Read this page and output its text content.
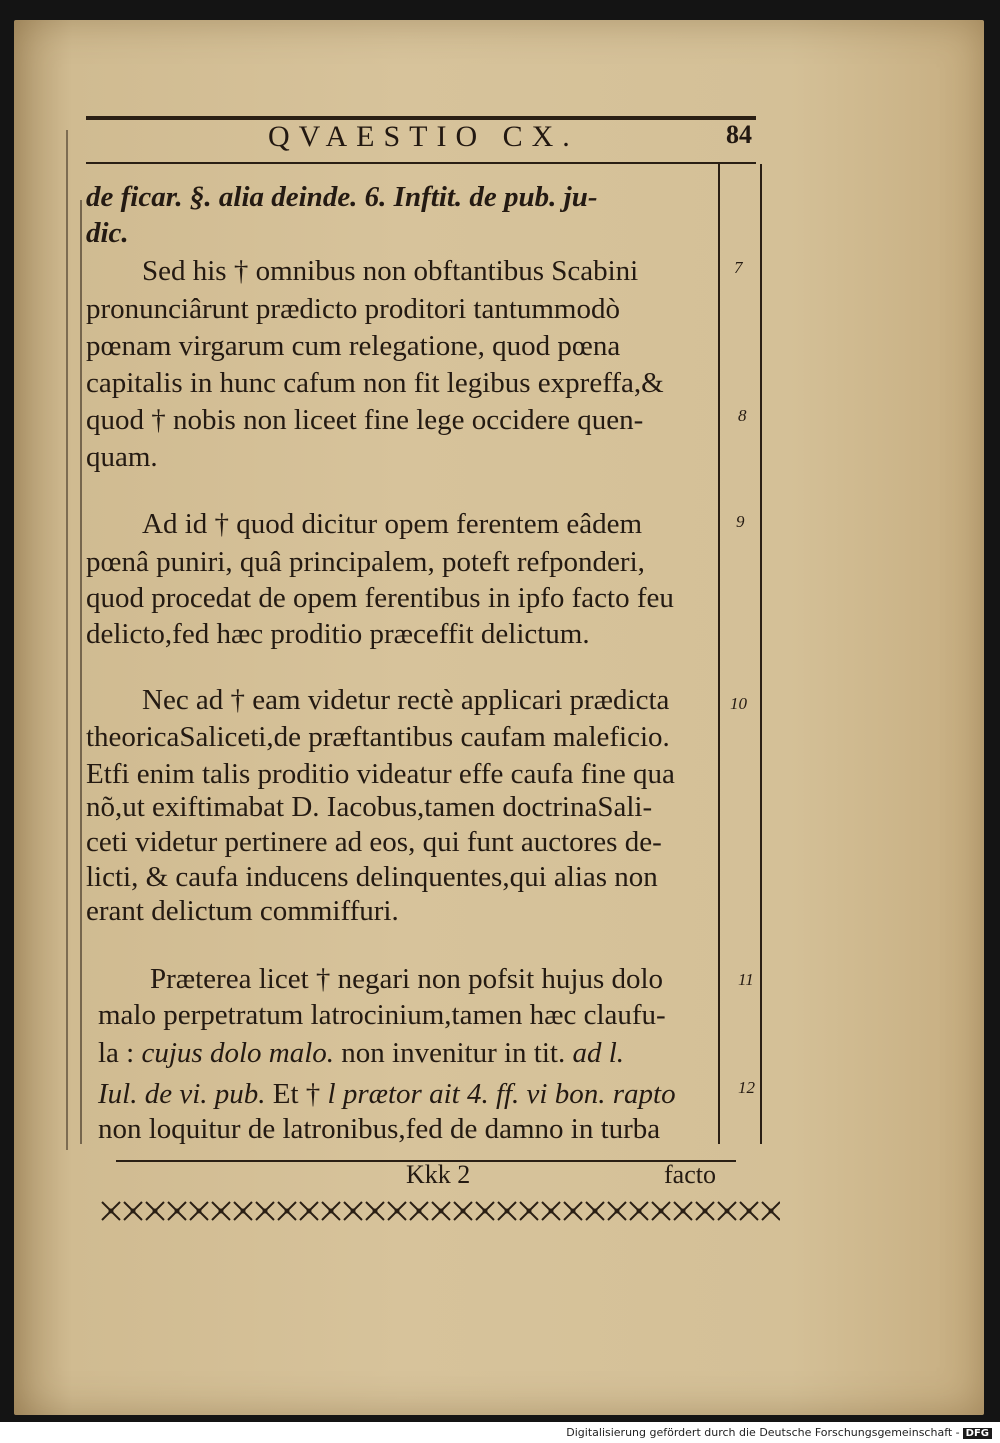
QVAESTIO CX.	84
de ficar. §. alia deinde. 6. Inftit. de pub. ju-
dic.
Sed his † omnibus non obftantibus Scabini
pronunciârunt prædicto proditori tantummodò
pœnam virgarum cum relegatione, quod pœna
capitalis in hunc cafum non fit legibus expreffa,&
quod † nobis non liceet fine lege occidere quen-
quam.
Ad id † quod dicitur opem ferentem eâdem
pœnâ puniri, quâ principalem, poteft refponderi,
quod procedat de opem ferentibus in ipfo facto feu
delicto,fed hæc proditio præceffit delictum.
Nec ad † eam videtur rectè applicari prædicta
theoricaSaliceti,de præftantibus caufam maleficio.
Etfi enim talis proditio videatur effe caufa fine qua
nõ,ut exiftimabat D. Iacobus,tamen doctrinaSali-
ceti videtur pertinere ad eos, qui funt auctores de-
licti, & caufa inducens delinquentes,qui alias non
erant delictum commiffuri.
Præterea licet † negari non pofsit hujus dolo
malo perpetratum latrocinium,tamen hæc claufu-
la : cujus dolo malo. non invenitur in tit. ad l.
Iul. de vi. pub. Et † l prætor ait 4. ff. vi bon. rapto
non loquitur de latronibus,fed de damno in turba
7
8
9
10
11
12
Kkk 2	facto
Digitalisierung gefördert durch die Deutsche Forschungsgemeinschaft - DFG
